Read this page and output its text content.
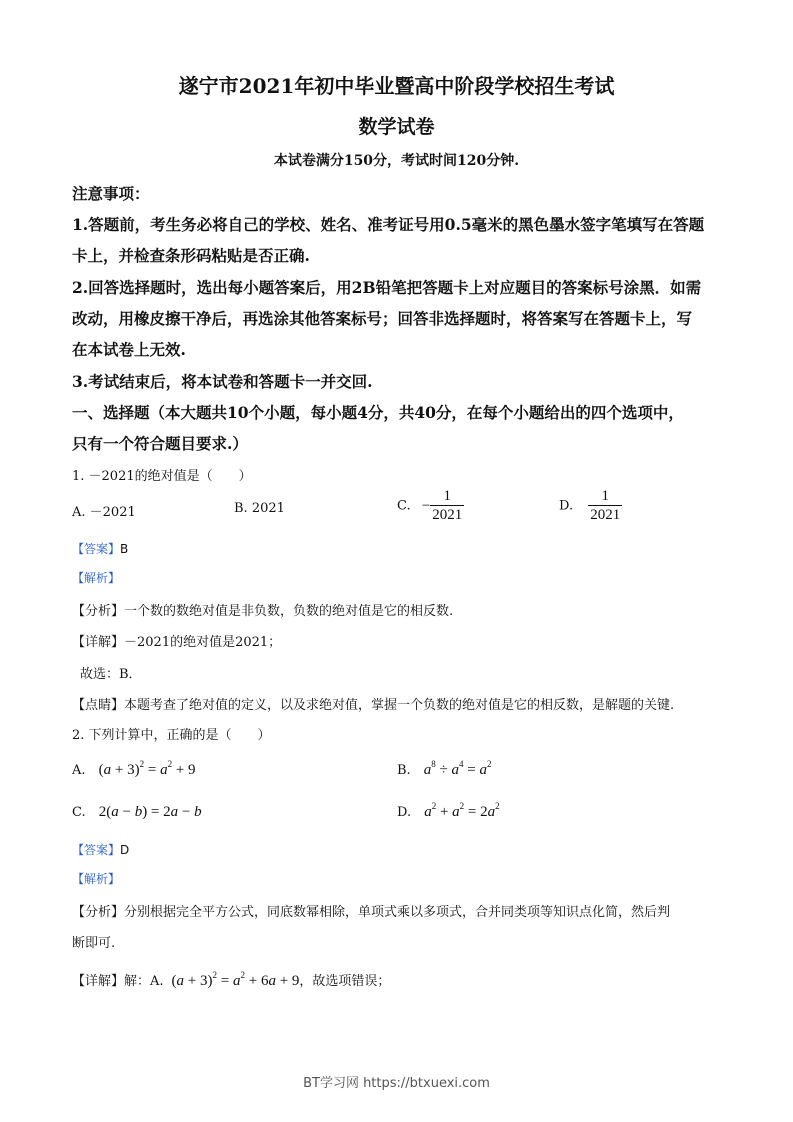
遂宁市2021年初中毕业暨高中阶段学校招生考试
数学试卷
本试卷满分150分，考试时间120分钟.
注意事项：
1.答题前，考生务必将自己的学校、姓名、准考证号用0.5毫米的黑色墨水签字笔填写在答题
卡上，并检查条形码粘贴是否正确.
2.回答选择题时，选出每小题答案后，用2B铅笔把答题卡上对应题目的答案标号涂黑．如需
改动，用橡皮擦干净后，再选涂其他答案标号；回答非选择题时，将答案写在答题卡上，写
在本试卷上无效.
3.考试结束后，将本试卷和答题卡一并交回.
一、选择题（本大题共10个小题，每小题4分，共40分，在每个小题给出的四个选项中，
只有一个符合题目要求.）
1. －2021的绝对值是（　　）
A. －2021	B. 2021	C. − $\frac{1}{2021}$	D. $\frac{1}{2021}$
【答案】B
【解析】
【分析】一个数的数绝对值是非负数，负数的绝对值是它的相反数.
【详解】－2021的绝对值是2021；
故选：B．
【点睛】本题考查了绝对值的定义，以及求绝对值，掌握一个负数的绝对值是它的相反数，是解题的关键.
2. 下列计算中，正确的是（　　）
A. $(a + 3)^2 = a^2 + 9$	B. $a^8 \div a^4 = a^2$
C. 2(a − b) = 2a − b	D. $a^2 + a^2 = 2a^2$
【答案】D
【解析】
【分析】分别根据完全平方公式，同底数幂相除，单项式乘以多项式，合并同类项等知识点化简，然后判
断即可.
【详解】解：A. $(a + 3)^2 = a^2 + 6a + 9$，故选项错误；
BT学习网 https://btxuexi.com
